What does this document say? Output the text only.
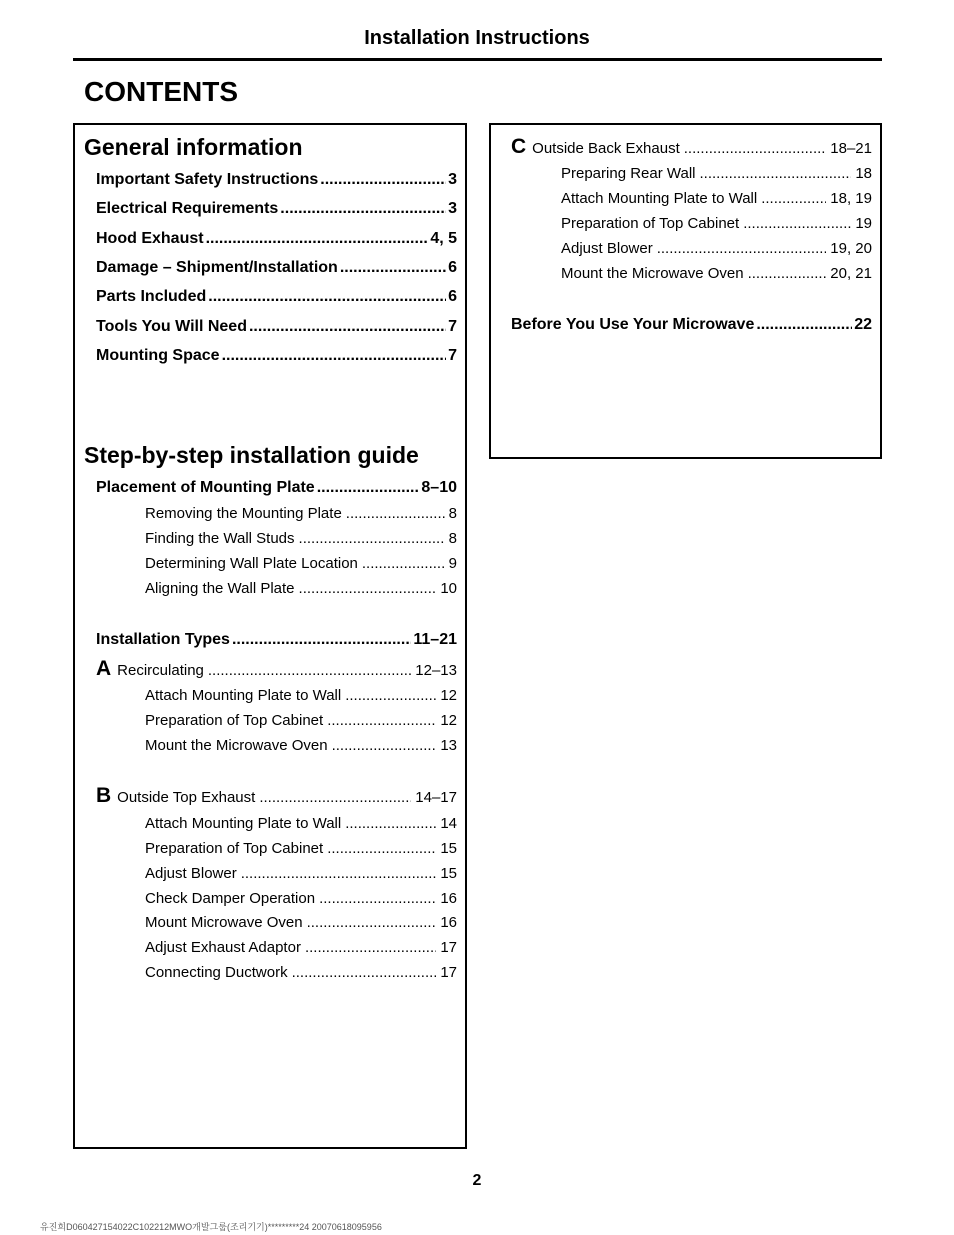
Installation Instructions
CONTENTS
General information
Important Safety Instructions .....	3
Electrical Requirements .....	3
Hood Exhaust .....	4, 5
Damage – Shipment/Installation .....	6
Parts Included .....	6
Tools You Will Need .....	7
Mounting Space .....	7
Step-by-step installation guide
Placement of Mounting Plate .....	8–10
Removing the Mounting Plate .....	8
Finding the Wall Studs .....	8
Determining Wall Plate Location .....	9
Aligning the Wall Plate .....	10
Installation Types .....	11–21
A Recirculating .....	12–13
Attach Mounting Plate to Wall .....	12
Preparation of Top Cabinet .....	12
Mount the Microwave Oven .....	13
B Outside Top Exhaust .....	14–17
Attach Mounting Plate to Wall .....	14
Preparation of Top Cabinet .....	15
Adjust Blower .....	15
Check Damper Operation .....	16
Mount Microwave Oven .....	16
Adjust Exhaust Adaptor .....	17
Connecting Ductwork .....	17
C Outside Back Exhaust .....	18–21
Preparing Rear Wall .....	18
Attach Mounting Plate to Wall .....	18, 19
Preparation of Top Cabinet .....	19
Adjust Blower .....	19, 20
Mount the Microwave Oven .....	20, 21
Before You Use Your Microwave .....	22
2
유진희D060427154022C102212MWO개발그룹(조리기기)*********24 20070618095956
